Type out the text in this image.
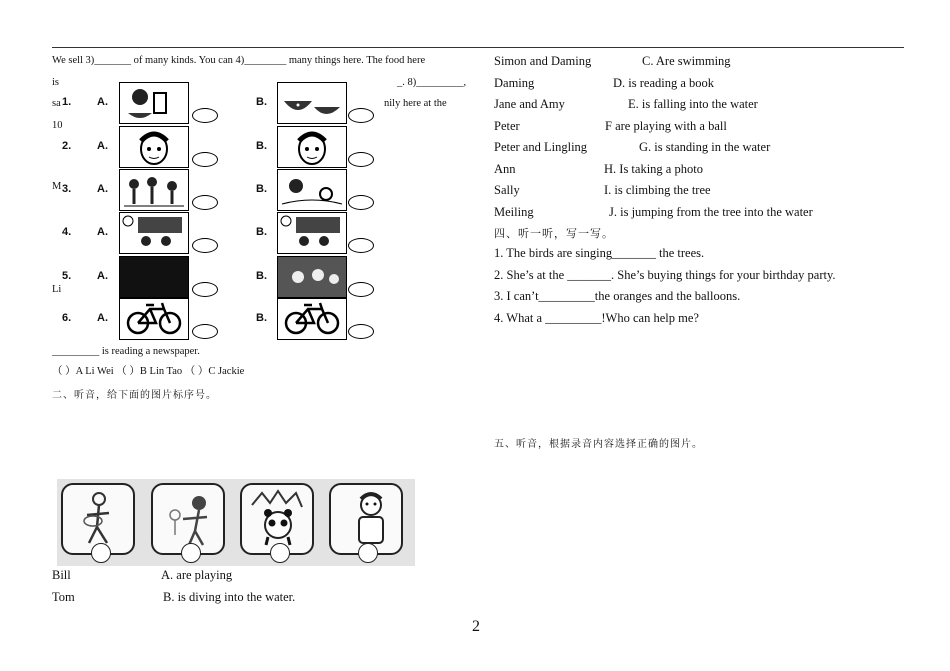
We sell 3)_______ of many kinds. You can 4)________ many things here. The food here
is	_. 8)_________,
sa	nily here at the
10
M
Li
1. A.	B.
2. A.	B.
3. A.	B.
4. A.	B.
5. A.	B.
6. A.	B.
_________ is reading a newspaper.
（ ）A Li Wei （ ）B Lin Tao （ ）C Jackie
二、听音，给下面的图片标序号。
Bill	A. are playing
Tom	B. is diving into the water.
Simon and Daming	C. Are swimming
Daming	D. is reading a book
Jane and Amy	E. is falling into the water
Peter	F are playing with a ball
Peter and Lingling	G. is standing in the water
Ann	H. Is taking a photo
Sally	I. is climbing the tree
Meiling	J. is jumping from the tree into the water
四、听一听，写一写。
1. The birds are singing_______ the trees.
2. She’s at the _______. She’s buying things for your birthday party.
3. I can’t_________the oranges and the balloons.
4. What a _________!Who can help me?
五、听音，根据录音内容选择正确的图片。
2
